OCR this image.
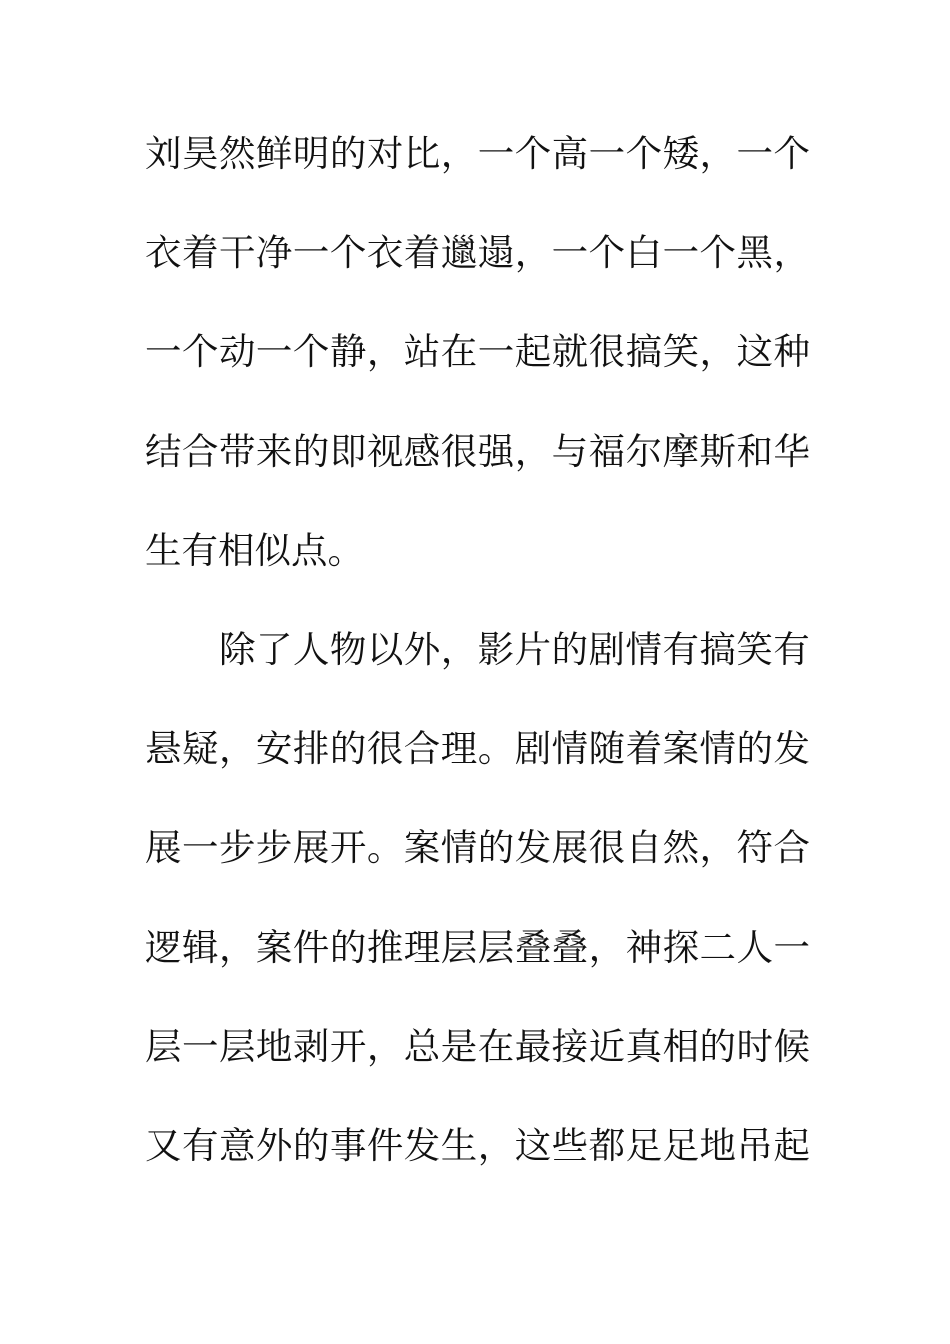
刘 昊 然 鲜 明 的 对 比 ， 一 个 高 一 个 矮 ， 一 个
衣 着 干 净 一 个 衣 着 邋 遢 ， 一 个 白 一 个 黑 ，
一 个 动 一 个 静 ， 站 在 一 起 就 很 搞 笑 ， 这 种
结 合 带 来 的 即 视 感 很 强 ， 与 福 尔 摩 斯 和 华
生有相似点。
除 了 人 物 以 外 ， 影 片 的 剧 情 有 搞 笑 有
悬 疑 ， 安 排 的 很 合 理 。 剧 情 随 着 案 情 的 发
展 一 步 步 展 开 。 案 情 的 发 展 很 自 然 ， 符 合
逻 辑 ， 案 件 的 推 理 层 层 叠 叠 ， 神 探 二 人 一
层 一 层 地 剥 开 ， 总 是 在 最 接 近 真 相 的 时 候
又 有 意 外 的 事 件 发 生 ， 这 些 都 足 足 地 吊 起
